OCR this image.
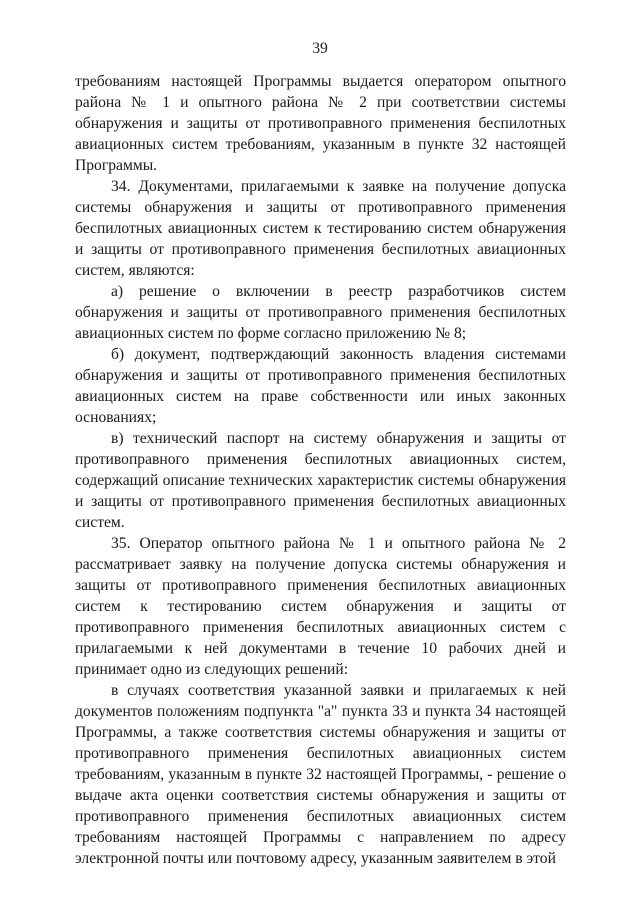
39

требованиям настоящей Программы выдается оператором опытного района № 1 и опытного района № 2 при соответствии системы обнаружения и защиты от противоправного применения беспилотных авиационных систем требованиям, указанным в пункте 32 настоящей Программы.

34. Документами, прилагаемыми к заявке на получение допуска системы обнаружения и защиты от противоправного применения беспилотных авиационных систем к тестированию систем обнаружения и защиты от противоправного применения беспилотных авиационных систем, являются:

а) решение о включении в реестр разработчиков систем обнаружения и защиты от противоправного применения беспилотных авиационных систем по форме согласно приложению № 8;

б) документ, подтверждающий законность владения системами обнаружения и защиты от противоправного применения беспилотных авиационных систем на праве собственности или иных законных основаниях;

в) технический паспорт на систему обнаружения и защиты от противоправного применения беспилотных авиационных систем, содержащий описание технических характеристик системы обнаружения и защиты от противоправного применения беспилотных авиационных систем.

35. Оператор опытного района № 1 и опытного района № 2 рассматривает заявку на получение допуска системы обнаружения и защиты от противоправного применения беспилотных авиационных систем к тестированию систем обнаружения и защиты от противоправного применения беспилотных авиационных систем с прилагаемыми к ней документами в течение 10 рабочих дней и принимает одно из следующих решений:

в случаях соответствия указанной заявки и прилагаемых к ней документов положениям подпункта "а" пункта 33 и пункта 34 настоящей Программы, а также соответствия системы обнаружения и защиты от противоправного применения беспилотных авиационных систем требованиям, указанным в пункте 32 настоящей Программы, - решение о выдаче акта оценки соответствия системы обнаружения и защиты от противоправного применения беспилотных авиационных систем требованиям настоящей Программы с направлением по адресу электронной почты или почтовому адресу, указанным заявителем в этой
